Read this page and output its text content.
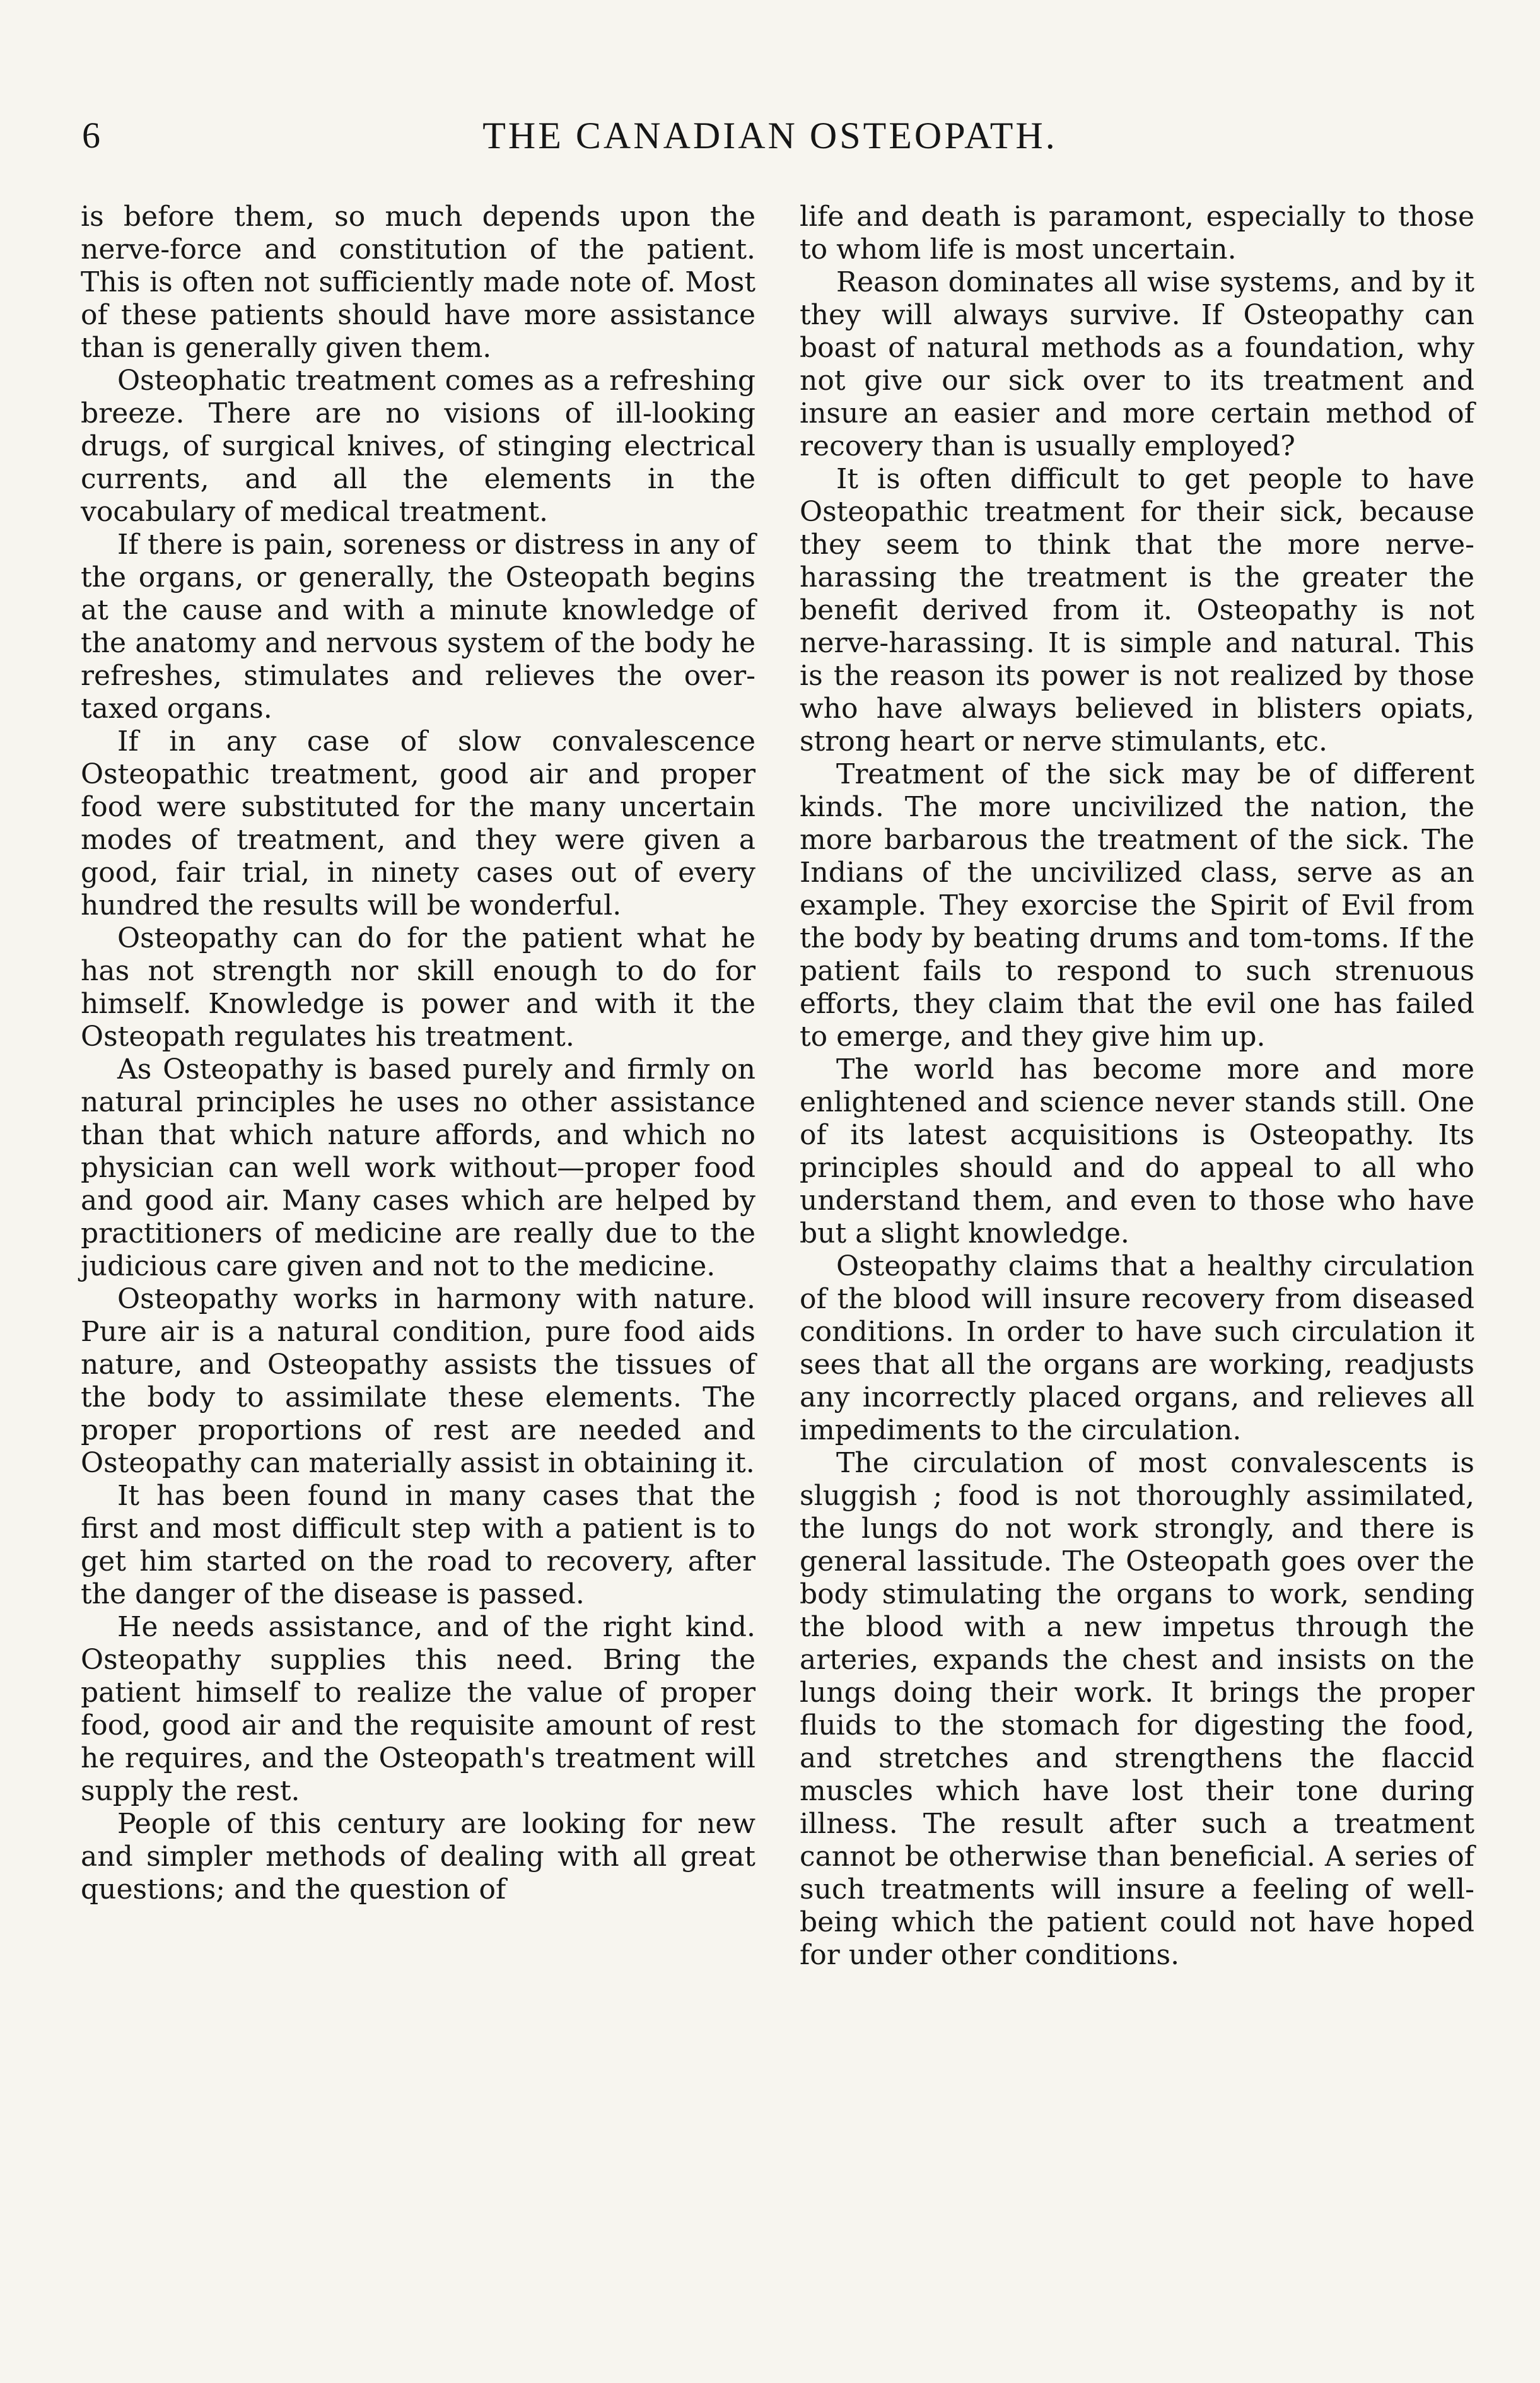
6	THE CANADIAN OSTEOPATH.

is before them, so much depends upon the nerve-force and constitution of the patient. This is often not sufficiently made note of. Most of these patients should have more assistance than is generally given them.

Osteophatic treatment comes as a refreshing breeze. There are no visions of ill-looking drugs, of surgical knives, of stinging electrical currents, and all the elements in the vocabulary of medical treatment.

If there is pain, soreness or distress in any of the organs, or generally, the Osteopath begins at the cause and with a minute knowledge of the anatomy and nervous system of the body he refreshes, stimulates and relieves the over-taxed organs.

If in any case of slow convalescence Osteopathic treatment, good air and proper food were substituted for the many uncertain modes of treatment, and they were given a good, fair trial, in ninety cases out of every hundred the results will be wonderful.

Osteopathy can do for the patient what he has not strength nor skill enough to do for himself. Knowledge is power and with it the Osteopath regulates his treatment.

As Osteopathy is based purely and firmly on natural principles he uses no other assistance than that which nature affords, and which no physician can well work without—proper food and good air. Many cases which are helped by practitioners of medicine are really due to the judicious care given and not to the medicine.

Osteopathy works in harmony with nature. Pure air is a natural condition, pure food aids nature, and Osteopathy assists the tissues of the body to assimilate these elements. The proper proportions of rest are needed and Osteopathy can materially assist in obtaining it.

It has been found in many cases that the first and most difficult step with a patient is to get him started on the road to recovery, after the danger of the disease is passed.

He needs assistance, and of the right kind. Osteopathy supplies this need. Bring the patient himself to realize the value of proper food, good air and the requisite amount of rest he requires, and the Osteopath's treatment will supply the rest.

People of this century are looking for new and simpler methods of dealing with all great questions; and the question of

life and death is paramont, especially to those to whom life is most uncertain.

Reason dominates all wise systems, and by it they will always survive. If Osteopathy can boast of natural methods as a foundation, why not give our sick over to its treatment and insure an easier and more certain method of recovery than is usually employed?

It is often difficult to get people to have Osteopathic treatment for their sick, because they seem to think that the more nerve-harassing the treatment is the greater the benefit derived from it. Osteopathy is not nerve-harassing. It is simple and natural. This is the reason its power is not realized by those who have always believed in blisters opiats, strong heart or nerve stimulants, etc.

Treatment of the sick may be of different kinds. The more uncivilized the nation, the more barbarous the treatment of the sick. The Indians of the uncivilized class, serve as an example. They exorcise the Spirit of Evil from the body by beating drums and tom-toms. If the patient fails to respond to such strenuous efforts, they claim that the evil one has failed to emerge, and they give him up.

The world has become more and more enlightened and science never stands still. One of its latest acquisitions is Osteopathy. Its principles should and do appeal to all who understand them, and even to those who have but a slight knowledge.

Osteopathy claims that a healthy circulation of the blood will insure recovery from diseased conditions. In order to have such circulation it sees that all the organs are working, readjusts any incorrectly placed organs, and relieves all impediments to the circulation.

The circulation of most convalescents is sluggish ; food is not thoroughly assimilated, the lungs do not work strongly, and there is general lassitude. The Osteopath goes over the body stimulating the organs to work, sending the blood with a new impetus through the arteries, expands the chest and insists on the lungs doing their work. It brings the proper fluids to the stomach for digesting the food, and stretches and strengthens the flaccid muscles which have lost their tone during illness. The result after such a treatment cannot be otherwise than beneficial. A series of such treatments will insure a feeling of well-being which the patient could not have hoped for under other conditions.
